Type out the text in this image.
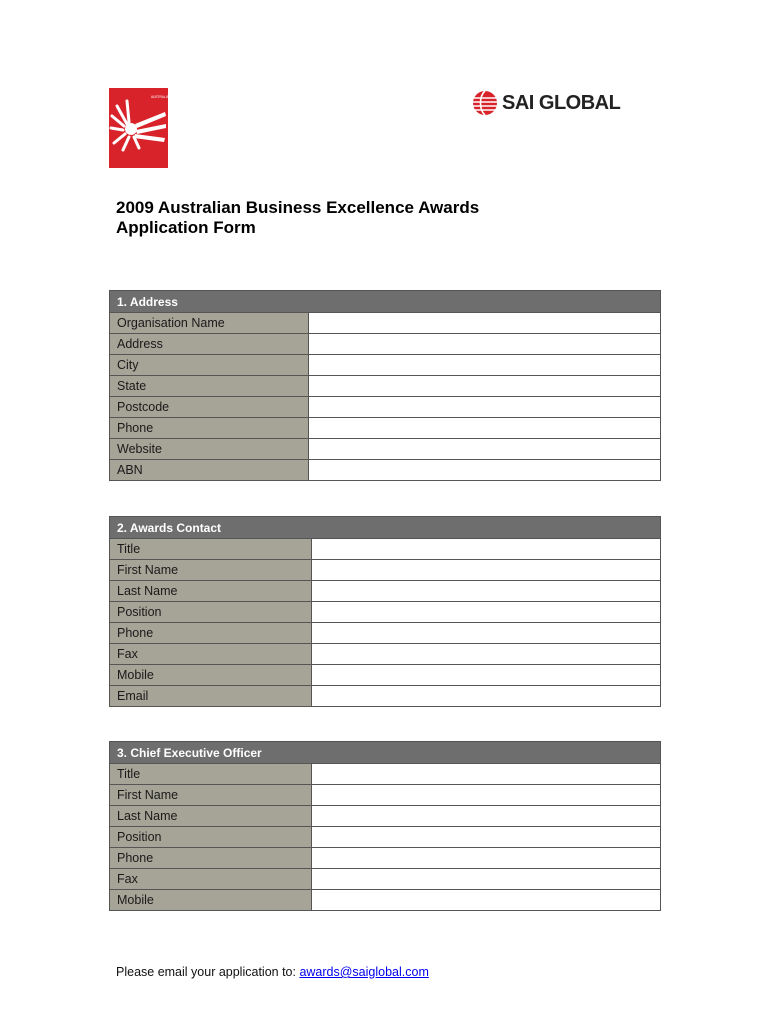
AUSTRALIAN BUSINESS EXCELLENCE AWARDS	SAI GLOBAL
2009 Australian Business Excellence Awards
Application Form
1. Address	
Organisation Name	
Address	
City	
State	
Postcode	
Phone	
Website	
ABN	
2. Awards Contact	
Title	
First Name	
Last Name	
Position	
Phone	
Fax	
Mobile	
Email	
3. Chief Executive Officer	
Title	
First Name	
Last Name	
Position	
Phone	
Fax	
Mobile	
Please email your application to: awards@saiglobal.com
